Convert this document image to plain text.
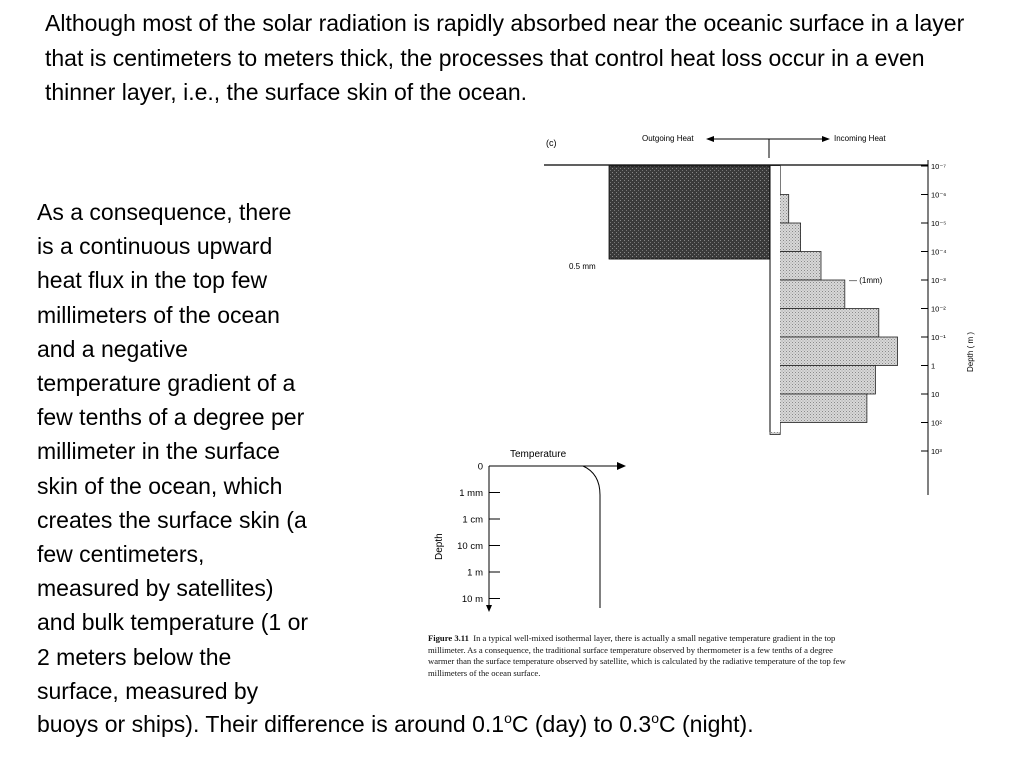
Although most of the solar radiation is rapidly absorbed near the oceanic surface in a layer that is centimeters to meters thick, the processes that control heat loss occur in a even thinner layer, i.e., the surface skin of the ocean.

As a consequence, there
is a continuous upward
heat flux in the top few
millimeters of the ocean
and a negative
temperature gradient of a
few tenths of a degree per
millimeter in the surface
skin of the ocean, which
creates the surface skin (a
few centimeters,
measured by satellites)
and bulk temperature (1 or
2 meters below the
surface, measured by

buoys or ships). Their difference is around 0.1$^o$C (day) to 0.3$^o$C (night).

(c)	Outgoing Heat	Incoming Heat
0.5 mm
— (1mm)
10⁻⁷
10⁻⁶
10⁻⁵
10⁻⁴
10⁻³
10⁻²
10⁻¹
1
10
10²
10³
Depth ( m )
Temperature
Depth
0
1 mm
1 cm
10 cm
1 m
10 m

Figure 3.11 In a typical well-mixed isothermal layer, there is actually a small negative temperature gradient in the top millimeter. As a consequence, the traditional surface temperature observed by thermometer is a few tenths of a degree warmer than the surface temperature observed by satellite, which is calculated by the radiative temperature of the top few millimeters of the ocean surface.
